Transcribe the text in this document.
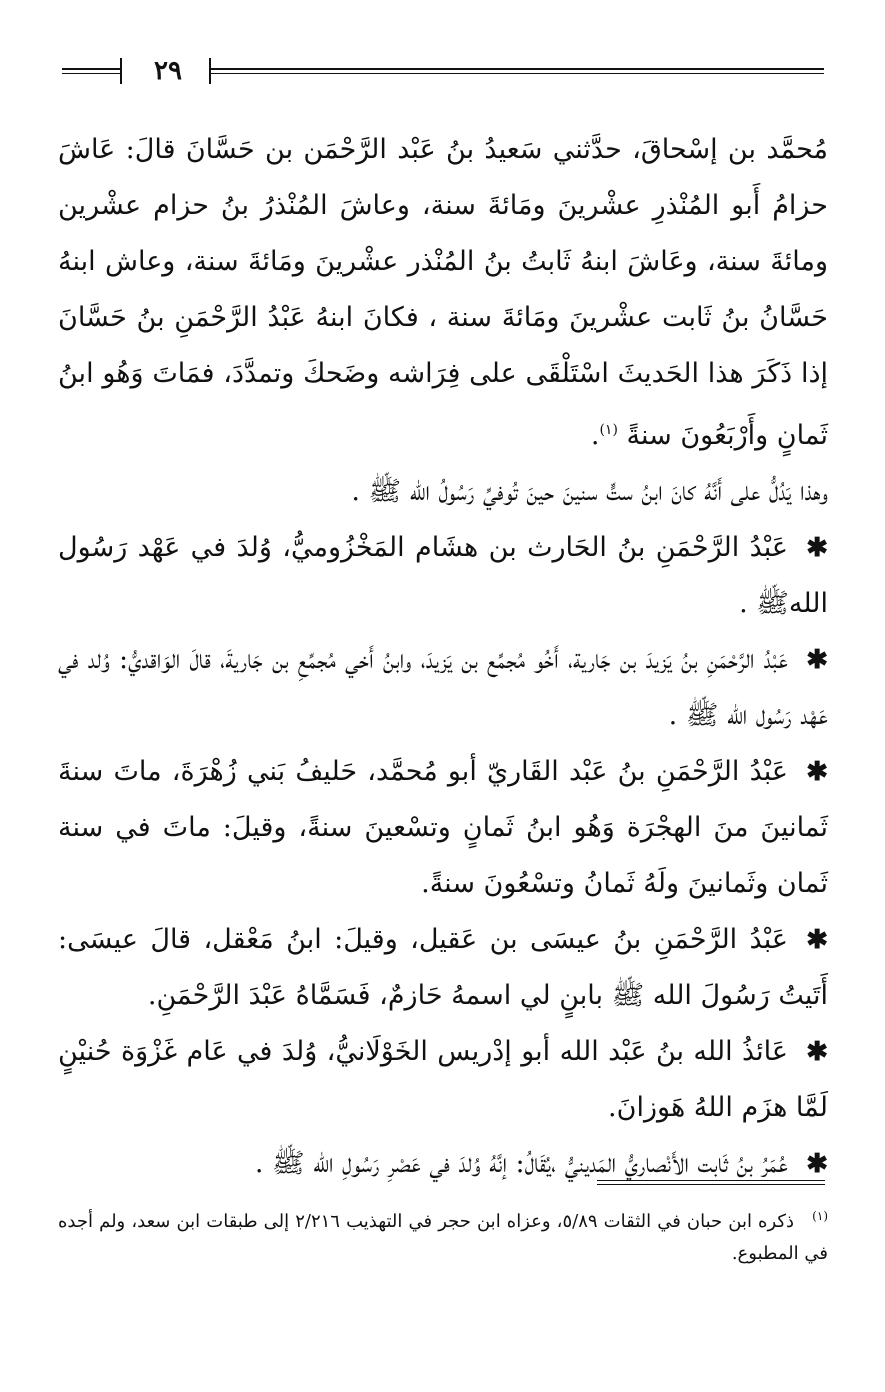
٢٩

مُحمَّد بن إسْحاقَ، حدَّثني سَعيدُ بنُ عَبْد الرَّحْمَن بن حَسَّانَ قالَ: عَاشَ حزامُ أَبو المُنْذرِ عشْرينَ ومَائةَ سنة، وعاشَ المُنْذرُ بنُ حزام عشْرين ومائةَ سنة، وعَاشَ ابنهُ ثَابتُ بنُ المُنْذر عشْرينَ ومَائةَ سنة، وعاش ابنهُ حَسَّانُ بنُ ثَابت عشْرينَ ومَائةَ سنة ، فكانَ ابنهُ عَبْدُ الرَّحْمَنِ بنُ حَسَّانَ إذا ذَكَرَ هذا الحَديثَ اسْتَلْقَى على فِرَاشه وضَحكَ وتمدَّدَ، فمَاتَ وَهُو ابنُ ثَمانٍ وأَرْبَعُونَ سنةً $^{(١)}$.

وهذا يَدُلُّ على أَنَّهُ كانَ ابنُ ستٍّ سنينَ حينَ تُوفيِّ رَسُولُ الله ﷺ .

✱عَبْدُ الرَّحْمَنِ بنُ الحَارث بن هشَام المَخْزُوميُّ، وُلدَ في عَهْد رَسُول اللهﷺ .

✱عَبْدُ الرَّحْمَنِ بنُ يَزيدَ بن جَارية، أَخُو مُجمِّع بن يَزيدَ، وابنُ أَخي مُجمِّعِ بن جَاريةَ، قالَ الوَاقديُّ: وُلد في عَهْد رَسُول الله ﷺ .

✱عَبْدُ الرَّحْمَنِ بنُ عَبْد القَاريّ أبو مُحمَّد، حَليفُ بَني زُهْرَةَ، ماتَ سنةَ ثَمانينَ منَ الهجْرَة وَهُو ابنُ ثَمانٍ وتسْعينَ سنةً، وقيلَ: ماتَ في سنة ثَمان وثَمانينَ ولَهُ ثَمانُ وتسْعُونَ سنةً.

✱عَبْدُ الرَّحْمَنِ بنُ عيسَى بن عَقيل، وقيلَ: ابنُ مَعْقل، قالَ عيسَى: أَتَيتُ رَسُولَ الله ﷺ بابنٍ لي اسمهُ حَازمٌ، فَسَمَّاهُ عَبْدَ الرَّحْمَنِ.

✱عَائذُ الله بنُ عَبْد الله أبو إدْريس الخَوْلَانيُّ، وُلدَ في عَام غَزْوَة حُنيْنٍ لَمَّا هزَم اللهُ هَوزانَ.

✱عُمَرُ بنُ ثَابت الأَنْصاريُّ المَدينيُّ ،يُقَالُ: إنَّهُ وُلدَ في عَصْرِ رَسُولِ الله ﷺ .

(١)ذكره ابن حبان في الثقات ٥/٨٩، وعزاه ابن حجر في التهذيب ٢/٢١٦ إلى طبقات ابن سعد، ولم أجده في المطبوع.
